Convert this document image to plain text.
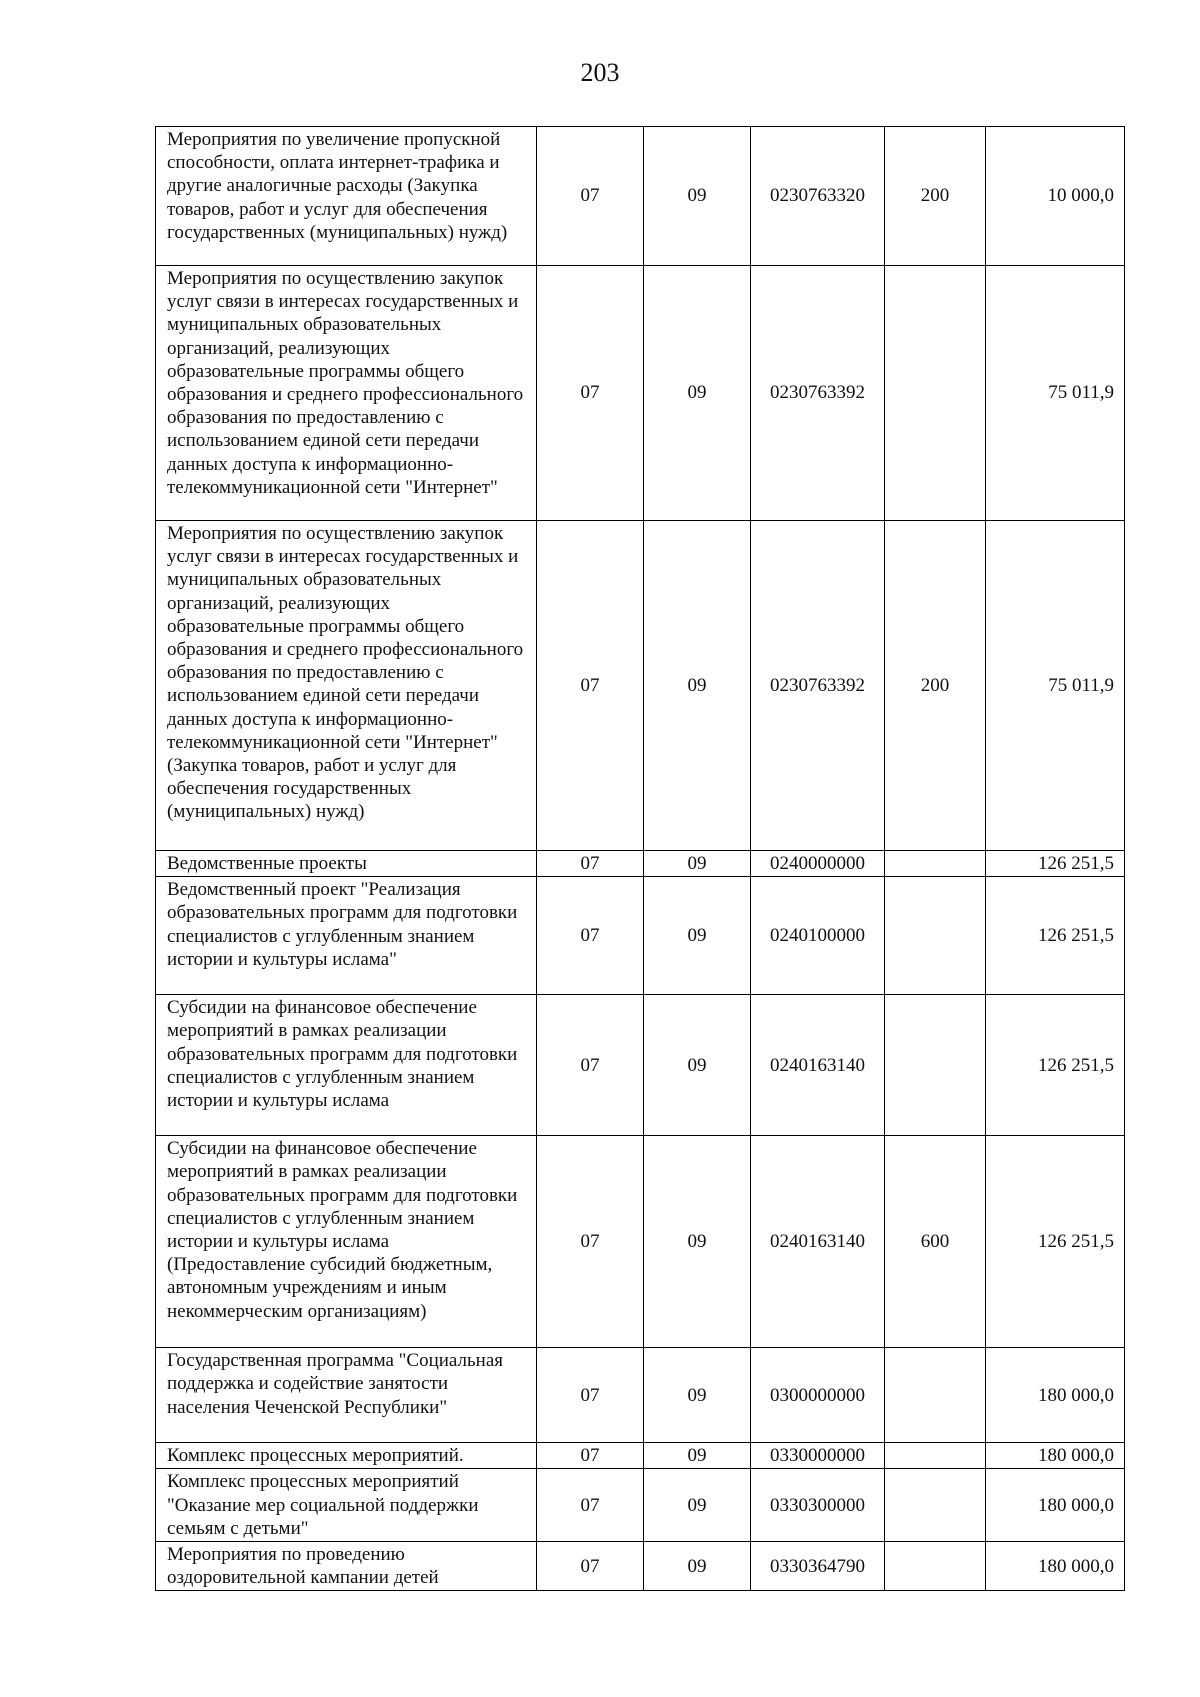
203
Мероприятия по увеличение пропускной способности, оплата интернет-трафика и другие аналогичные расходы (Закупка товаров, работ и услуг для обеспечения государственных (муниципальных) нужд)	07	09	0230763320	200	10 000,0
Мероприятия по осуществлению закупок услуг связи в интересах государственных и муниципальных образовательных организаций, реализующих образовательные программы общего образования и среднего профессионального образования по предоставлению с использованием единой сети передачи данных доступа к информационно-телекоммуникационной сети "Интернет"	07	09	0230763392		75 011,9
Мероприятия по осуществлению закупок услуг связи в интересах государственных и муниципальных образовательных организаций, реализующих образовательные программы общего образования и среднего профессионального образования по предоставлению с использованием единой сети передачи данных доступа к информационно-телекоммуникационной сети "Интернет" (Закупка товаров, работ и услуг для обеспечения государственных (муниципальных) нужд)	07	09	0230763392	200	75 011,9
Ведомственные проекты	07	09	0240000000		126 251,5
Ведомственный проект "Реализация образовательных программ для подготовки специалистов с углубленным знанием истории и культуры ислама"	07	09	0240100000		126 251,5
Субсидии на финансовое обеспечение мероприятий в рамках реализации образовательных программ для подготовки специалистов с углубленным знанием истории и культуры ислама	07	09	0240163140		126 251,5
Субсидии на финансовое обеспечение мероприятий в рамках реализации образовательных программ для подготовки специалистов с углубленным знанием истории и культуры ислама (Предоставление субсидий бюджетным, автономным учреждениям и иным некоммерческим организациям)	07	09	0240163140	600	126 251,5
Государственная программа "Социальная поддержка и содействие занятости населения Чеченской Республики"	07	09	0300000000		180 000,0
Комплекс процессных мероприятий.	07	09	0330000000		180 000,0
Комплекс процессных мероприятий "Оказание мер социальной поддержки семьям с детьми"	07	09	0330300000		180 000,0
Мероприятия по проведению оздоровительной кампании детей	07	09	0330364790		180 000,0
